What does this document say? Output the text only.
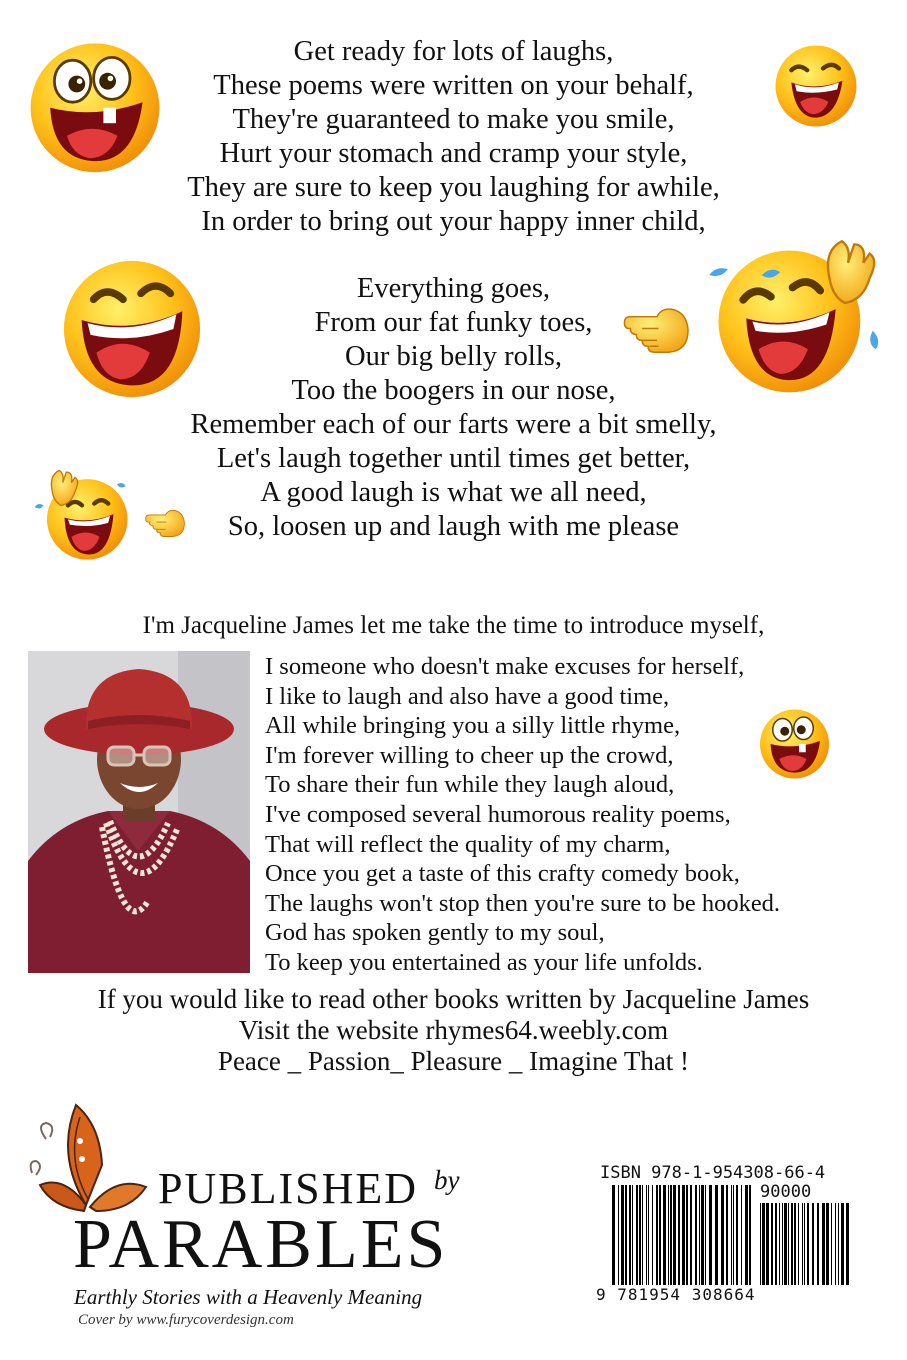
Get ready for lots of laughs,
These poems were written on your behalf,
They're guaranteed to make you smile,
Hurt your stomach and cramp your style,
They are sure to keep you laughing for awhile,
In order to bring out your happy inner child,
Everything goes,
From our fat funky toes,
Our big belly rolls,
Too the boogers in our nose,
Remember each of our farts were a bit smelly,
Let's laugh together until times get better,
A good laugh is what we all need,
So, loosen up and laugh with me please
I'm Jacqueline James let me take the time to introduce myself,
I someone who doesn't make excuses for herself,
I like to laugh and also have a good time,
All while bringing you a silly little rhyme,
I'm forever willing to cheer up the crowd,
To share their fun while they laugh aloud,
I've composed several humorous reality poems,
That will reflect the quality of my charm,
Once you get a taste of this crafty comedy book,
The laughs won't stop then you're sure to be hooked.
God has spoken gently to my soul,
To keep you entertained as your life unfolds.
If you would like to read other books written by Jacqueline James
Visit the website rhymes64.weebly.com
Peace _ Passion_ Pleasure _ Imagine That !
PUBLISHED by
PARABLES
Earthly Stories with a Heavenly Meaning
Cover by www.furycoverdesign.com
ISBN 978-1-954308-66-4
90000
9 781954 308664
